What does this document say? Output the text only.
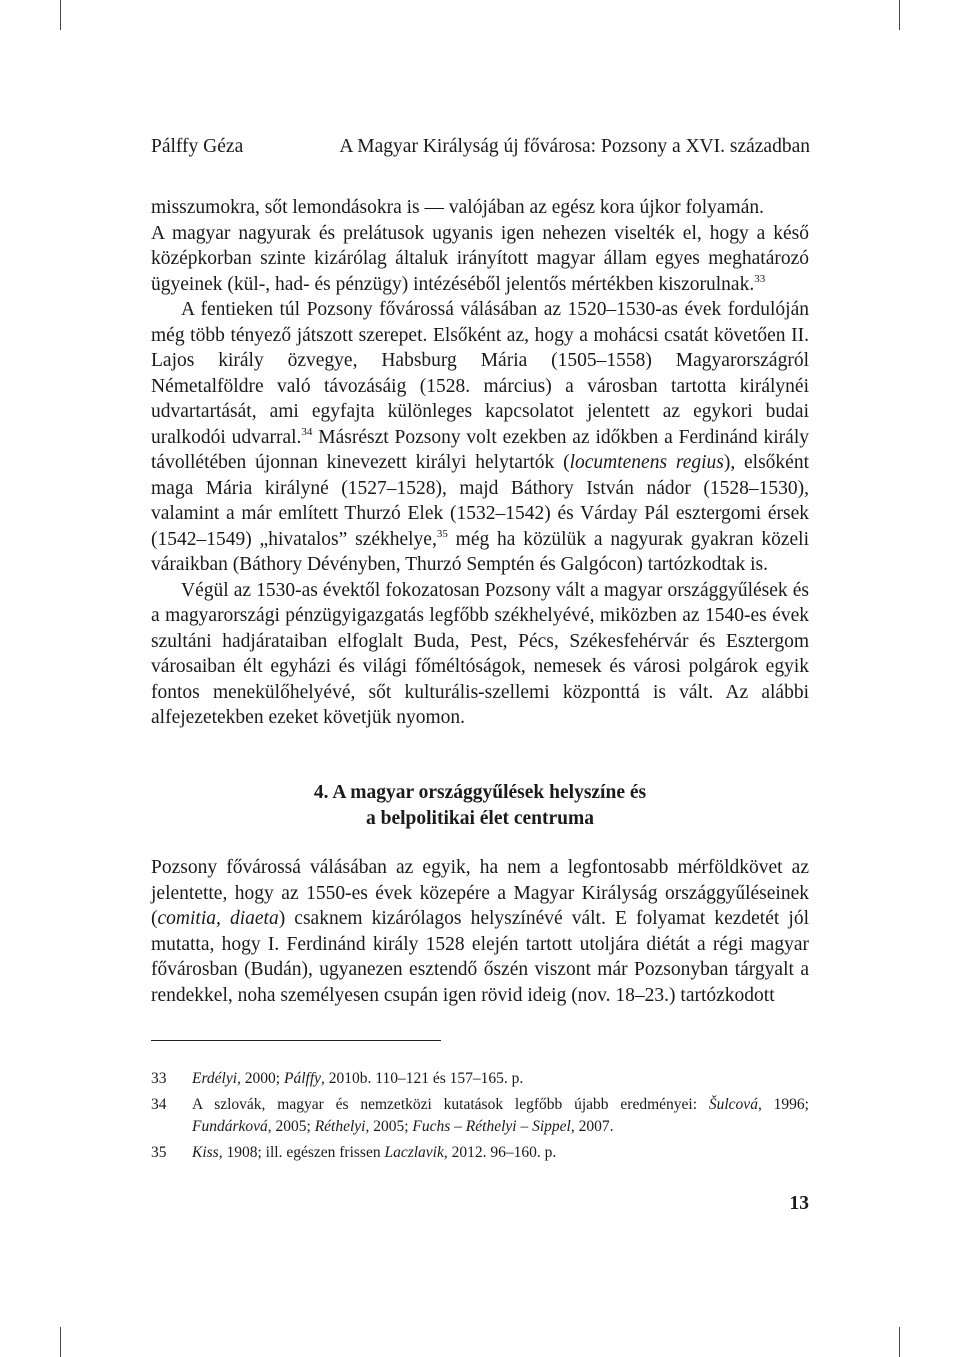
Pálffy Géza	A Magyar Királyság új fővárosa: Pozsony a XVI. században

misszumokra, sőt lemondásokra is — valójában az egész kora újkor folyamán.

A magyar nagyurak és prelátusok ugyanis igen nehezen viselték el, hogy a késő középkorban szinte kizárólag általuk irányított magyar állam egyes meghatározó ügyeinek (kül-, had- és pénzügy) intézéséből jelentős mértékben kiszorulnak.$^{33}$

A fentieken túl Pozsony fővárossá válásában az 1520–1530-as évek fordulóján még több tényező játszott szerepet. Elsőként az, hogy a mohácsi csatát követően II. Lajos király özvegye, Habsburg Mária (1505–1558) Magyarországról Németalföldre való távozásáig (1528. március) a városban tartotta királynéi udvartartását, ami egyfajta különleges kapcsolatot jelentett az egykori budai uralkodói udvarral.$^{34}$ Másrészt Pozsony volt ezekben az időkben a Ferdinánd király távollétében újonnan kinevezett királyi helytartók (locumtenens regius), elsőként maga Mária királyné (1527–1528), majd Báthory István nádor (1528–1530), valamint a már említett Thurzó Elek (1532–1542) és Várday Pál esztergomi érsek (1542–1549) „hivatalos” székhelye,$^{35}$ még ha közülük a nagyurak gyakran közeli váraikban (Báthory Dévényben, Thurzó Semptén és Galgócon) tartózkodtak is.

Végül az 1530-as évektől fokozatosan Pozsony vált a magyar országgyűlések és a magyarországi pénzügyigazgatás legfőbb székhelyévé, miközben az 1540-es évek szultáni hadjárataiban elfoglalt Buda, Pest, Pécs, Székesfehérvár és Esztergom városaiban élt egyházi és világi főméltóságok, nemesek és városi polgárok egyik fontos menekülőhelyévé, sőt kulturális-szellemi központtá is vált. Az alábbi alfejezetekben ezeket követjük nyomon.

4. A magyar országgyűlések helyszíne és
a belpolitikai élet centruma

Pozsony fővárossá válásában az egyik, ha nem a legfontosabb mérföldkövet az jelentette, hogy az 1550-es évek közepére a Magyar Királyság országgyűléseinek (comitia, diaeta) csaknem kizárólagos helyszínévé vált. E folyamat kezdetét jól mutatta, hogy I. Ferdinánd király 1528 elején tartott utoljára diétát a régi magyar fővárosban (Budán), ugyanezen esztendő őszén viszont már Pozsonyban tárgyalt a rendekkel, noha személyesen csupán igen rövid ideig (nov. 18–23.) tartózkodott

33	Erdélyi, 2000; Pálffy, 2010b. 110–121 és 157–165. p.
34	A szlovák, magyar és nemzetközi kutatások legfőbb újabb eredményei: Šulcová, 1996; Fundárková, 2005; Réthelyi, 2005; Fuchs – Réthelyi – Sippel, 2007.
35	Kiss, 1908; ill. egészen frissen Laczlavik, 2012. 96–160. p.
13
